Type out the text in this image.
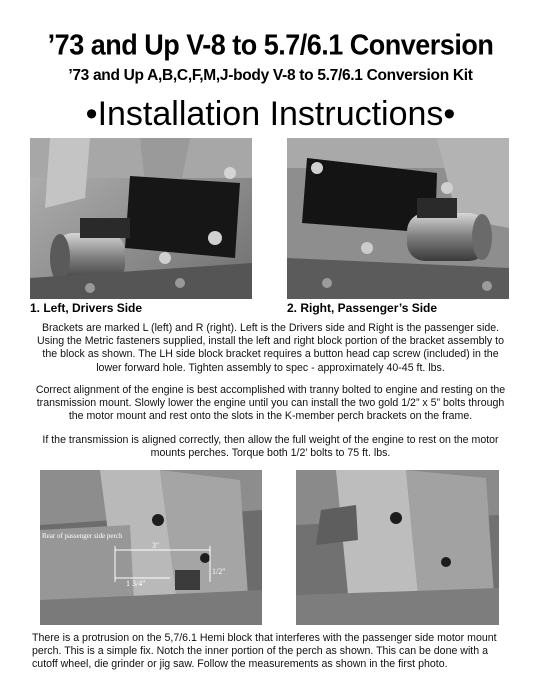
’73 and Up V-8 to 5.7/6.1 Conversion
’73 and Up A,B,C,F,M,J-body V-8 to 5.7/6.1 Conversion Kit
•Installation Instructions•
1. Left, Drivers Side	2. Right, Passenger’s Side

Brackets are marked L (left) and R (right). Left is the Drivers side and Right is the passenger side.
Using the Metric fasteners supplied, install the left and right block portion of the bracket assembly to
the block as shown. The LH side block bracket requires a button head cap screw (included) in the
lower forward hole. Tighten assembly to spec - approximately 40-45 ft. lbs.

Correct alignment of the engine is best accomplished with tranny bolted to engine and resting on the
transmission mount. Slowly lower the engine until you can install the two gold 1/2” x 5” bolts through
the motor mount and rest onto the slots in the K-member perch brackets on the frame.

If the transmission is aligned correctly, then allow the full weight of the engine to rest on the motor
mounts perches. Torque both 1/2’ bolts to 75 ft. lbs.

Rear of passenger side perch
3"
1 3/4"
1/2"

There is a protrusion on the 5,7/6.1 Hemi block that interferes with the passenger side motor mount
perch. This is a simple fix. Notch the inner portion of the perch as shown. This can be done with a
cutoff wheel, die grinder or jig saw. Follow the measurements as shown in the first photo.
